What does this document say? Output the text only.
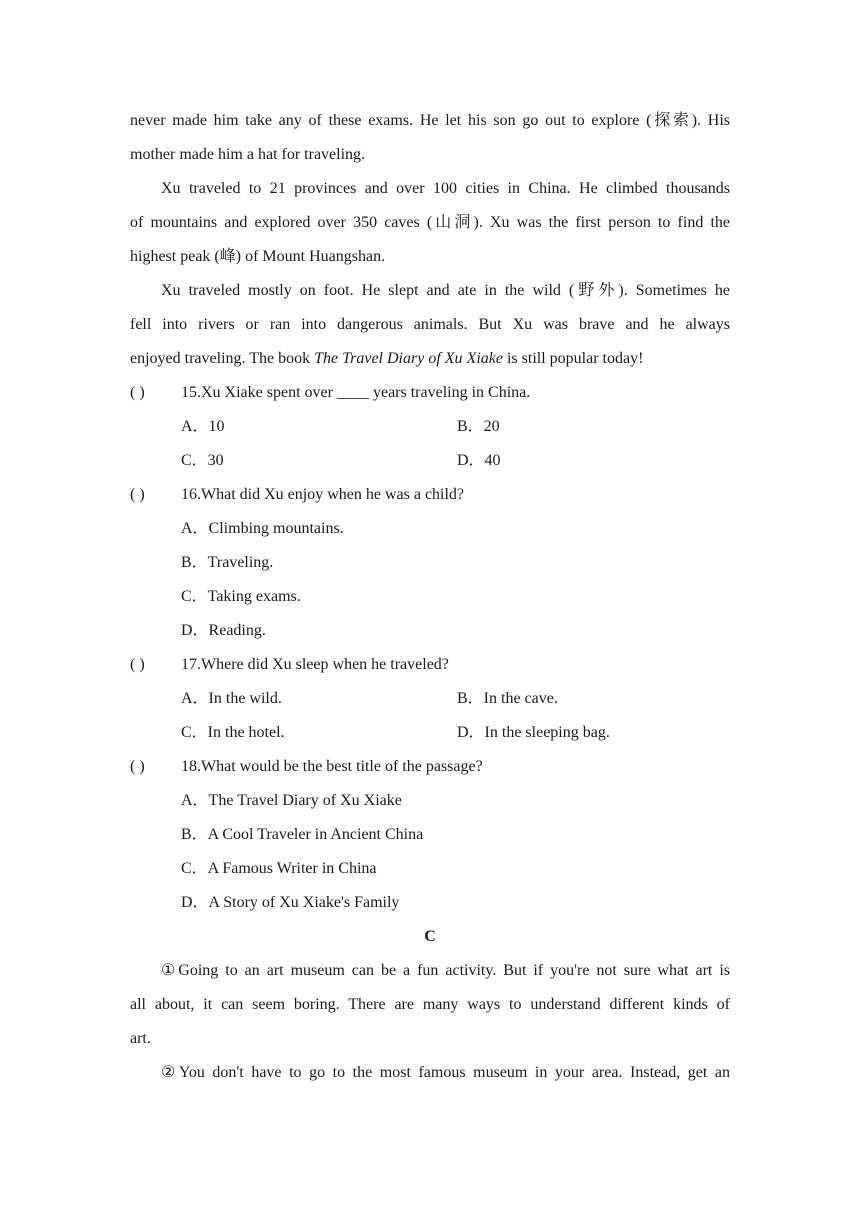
never made him take any of these exams. He let his son go out to explore (探索). His
mother made him a hat for traveling.
Xu traveled to 21 provinces and over 100 cities in China. He climbed thousands
of mountains and explored over 350 caves (山洞). Xu was the first person to find the
highest peak (峰) of Mount Huangshan.
Xu traveled mostly on foot. He slept and ate in the wild (野外). Sometimes he
fell into rivers or ran into dangerous animals. But Xu was brave and he always
enjoyed traveling. The book The Travel Diary of Xu Xiake is still popular today!
( ) 15.Xu Xiake spent over ____ years traveling in China.
A．10	B．20
C．30	D．40
( ) 16.What did Xu enjoy when he was a child?
A．Climbing mountains.
B．Traveling.
C．Taking exams.
D．Reading.
( ) 17.Where did Xu sleep when he traveled?
A．In the wild.	B．In the cave.
C．In the hotel.	D．In the sleeping bag.
( ) 18.What would be the best title of the passage?
A．The Travel Diary of Xu Xiake
B．A Cool Traveler in Ancient China
C．A Famous Writer in China
D．A Story of Xu Xiake's Family
C
①Going to an art museum can be a fun activity. But if you're not sure what art is
all about, it can seem boring. There are many ways to understand different kinds of
art.
②You don't have to go to the most famous museum in your area. Instead, get an
